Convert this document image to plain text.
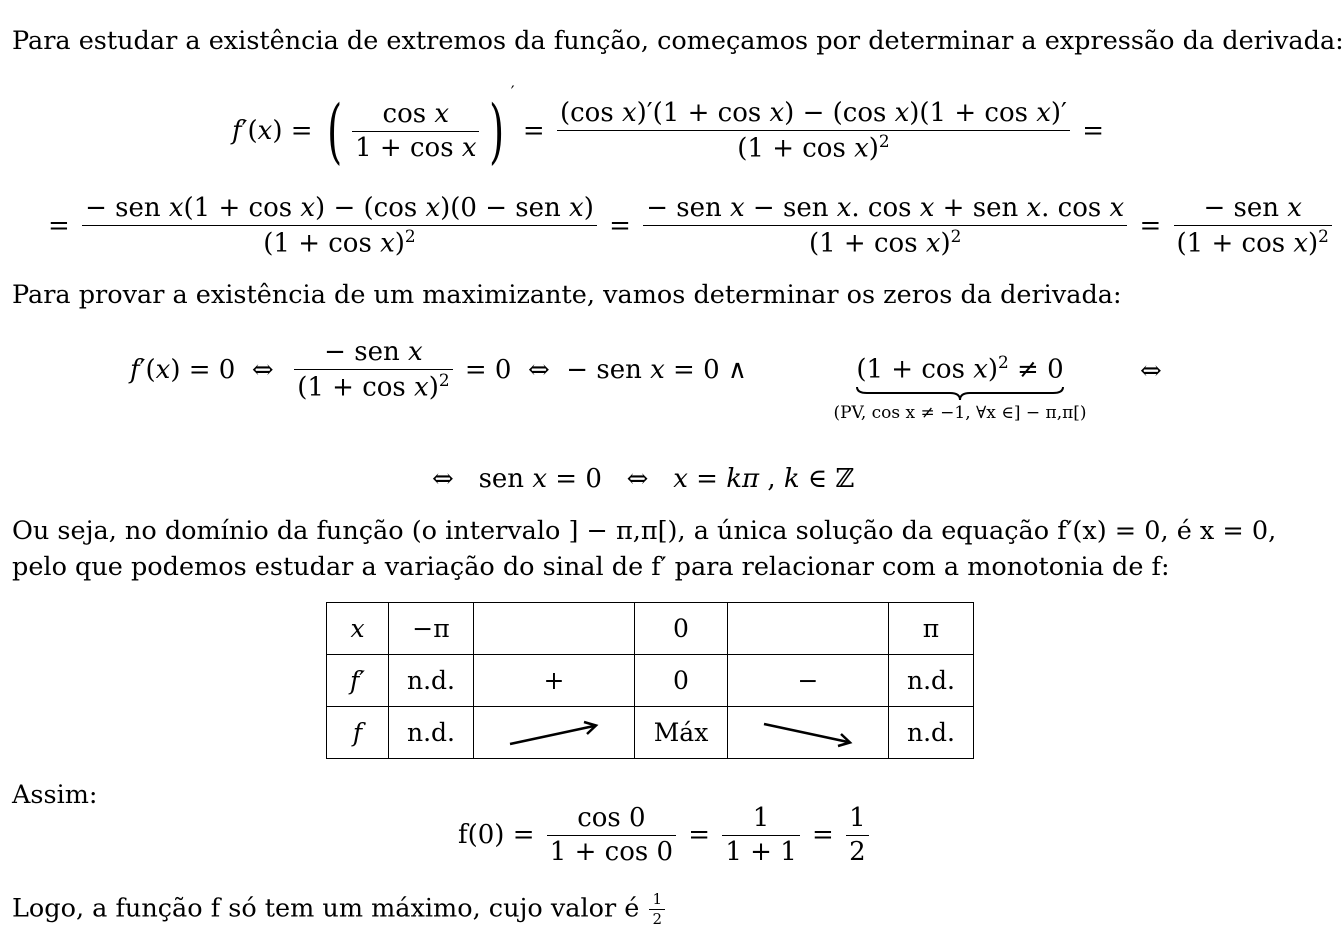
Para estudar a existência de extremos da função, começamos por determinar a expressão da derivada:
f′(x) = ( $\frac{\text{cos x}}{\text{1 + cos x}}$ ) $' = \frac{\text{(cos x)′(1 + cos x) − (cos x)(1 + cos x)′}}{(1 + \cos x)^2}$ =
= $\frac{\text{− sen x(1 + cos x) − (cos x)(0 − sen x)}}{(1 + \cos x)^2} = \frac{\text{− sen x − sen x. cos x + sen x. cos x}}{(1 + \cos x)^2} = \frac{\text{− sen x}}{(1 + \cos x)^2}$
Para provar a existência de um maximizante, vamos determinar os zeros da derivada:
f′(x) = 0  ⇔ $\frac{\text{− sen x}}{(1 + \cos x)^2} = 0$  ⇔  − sen x = 0 ∧	$(1 + \cos x)^2 \ne 0$
(PV, cos x ≠ −1, ∀x ∈] − π,π[)
⇔
⇔   sen x = 0   ⇔   x = kπ , k ∈ ℤ
Ou seja, no domínio da função (o intervalo ] − π,π[), a única solução da equação f′(x) = 0, é x = 0,
pelo que podemos estudar a variação do sinal de f′ para relacionar com a monotonia de f:
x	−π		0		π
f′	n.d.	+	0	−	n.d.
f	n.d.		Máx		n.d.
Assim:
$f(0) = \frac{\cos 0}{1 + \cos 0} = \frac{1}{1 + 1} = \frac{1}{2}$
Logo, a função f só tem um máximo, cujo valor é $\frac{1}{2}$
